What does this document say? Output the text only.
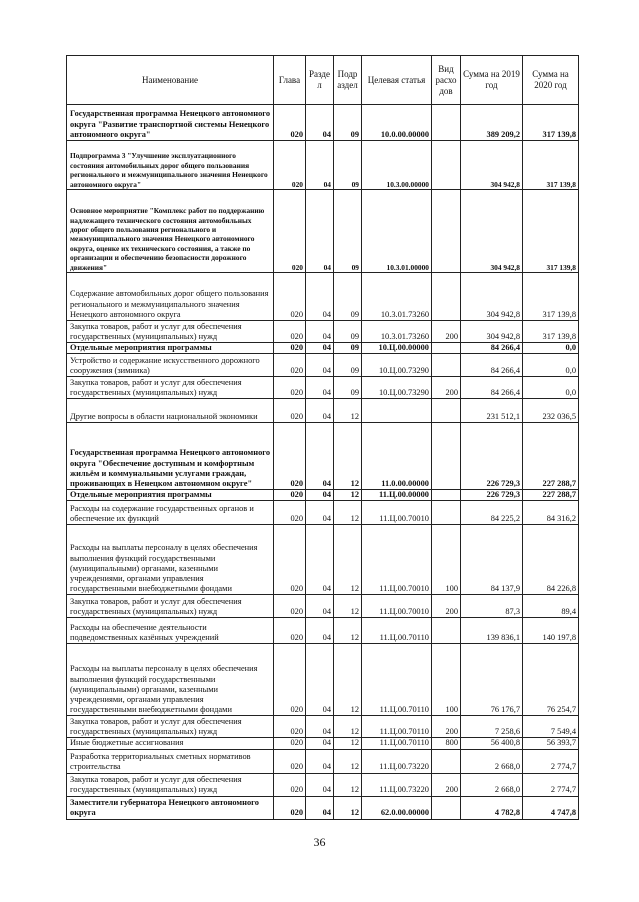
Наименование	Глава	Разде л	Подр аздел	Целевая статья	Вид расхо дов	Сумма на 2019 год	Сумма на 2020 год
Государственная программа Ненецкого автономного округа "Развитие транспортной системы Ненецкого автономного округа"	020	04	09	10.0.00.00000		389 209,2	317 139,8
Подпрограмма 3 "Улучшение эксплуатационного состояния автомобильных дорог общего пользования регионального и межмуниципального значения Ненецкого автономного округа"	020	04	09	10.3.00.00000		304 942,8	317 139,8
Основное мероприятие "Комплекс работ по поддержанию надлежащего технического состояния автомобильных дорог общего пользования регионального и межмуниципального значения Ненецкого автономного округа, оценке их технического состояния, а также по организации и обеспечению безопасности дорожного движения"	020	04	09	10.3.01.00000		304 942,8	317 139,8
Содержание автомобильных дорог общего пользования регионального и межмуниципального значения Ненецкого автономного округа	020	04	09	10.3.01.73260		304 942,8	317 139,8
Закупка товаров, работ и услуг для обеспечения государственных (муниципальных) нужд	020	04	09	10.3.01.73260	200	304 942,8	317 139,8
Отдельные мероприятия программы	020	04	09	10.Ц.00.00000		84 266,4	0,0
Устройство и содержание искусственного дорожного сооружения (зимника)	020	04	09	10.Ц.00.73290		84 266,4	0,0
Закупка товаров, работ и услуг для обеспечения государственных (муниципальных) нужд	020	04	09	10.Ц.00.73290	200	84 266,4	0,0
Другие вопросы в области национальной экономики	020	04	12			231 512,1	232 036,5
Государственная программа Ненецкого автономного округа "Обеспечение доступным и комфортным жильём и коммунальными услугами граждан, проживающих в Ненецком автономном округе"	020	04	12	11.0.00.00000		226 729,3	227 288,7
Отдельные мероприятия программы	020	04	12	11.Ц.00.00000		226 729,3	227 288,7
Расходы на содержание государственных органов и обеспечение их функций	020	04	12	11.Ц.00.70010		84 225,2	84 316,2
Расходы на выплаты персоналу в целях обеспечения выполнения функций государственными (муниципальными) органами, казенными учреждениями, органами управления государственными внебюджетными фондами	020	04	12	11.Ц.00.70010	100	84 137,9	84 226,8
Закупка товаров, работ и услуг для обеспечения государственных (муниципальных) нужд	020	04	12	11.Ц.00.70010	200	87,3	89,4
Расходы на обеспечение деятельности подведомственных казённых учреждений	020	04	12	11.Ц.00.70110		139 836,1	140 197,8
Расходы на выплаты персоналу в целях обеспечения выполнения функций государственными (муниципальными) органами, казенными учреждениями, органами управления государственными внебюджетными фондами	020	04	12	11.Ц.00.70110	100	76 176,7	76 254,7
Закупка товаров, работ и услуг для обеспечения государственных (муниципальных) нужд	020	04	12	11.Ц.00.70110	200	7 258,6	7 549,4
Иные бюджетные ассигнования	020	04	12	11.Ц.00.70110	800	56 400,8	56 393,7
Разработка территориальных сметных нормативов строительства	020	04	12	11.Ц.00.73220		2 668,0	2 774,7
Закупка товаров, работ и услуг для обеспечения государственных (муниципальных) нужд	020	04	12	11.Ц.00.73220	200	2 668,0	2 774,7
Заместители губернатора Ненецкого автономного округа	020	04	12	62.0.00.00000		4 782,8	4 747,8
36
